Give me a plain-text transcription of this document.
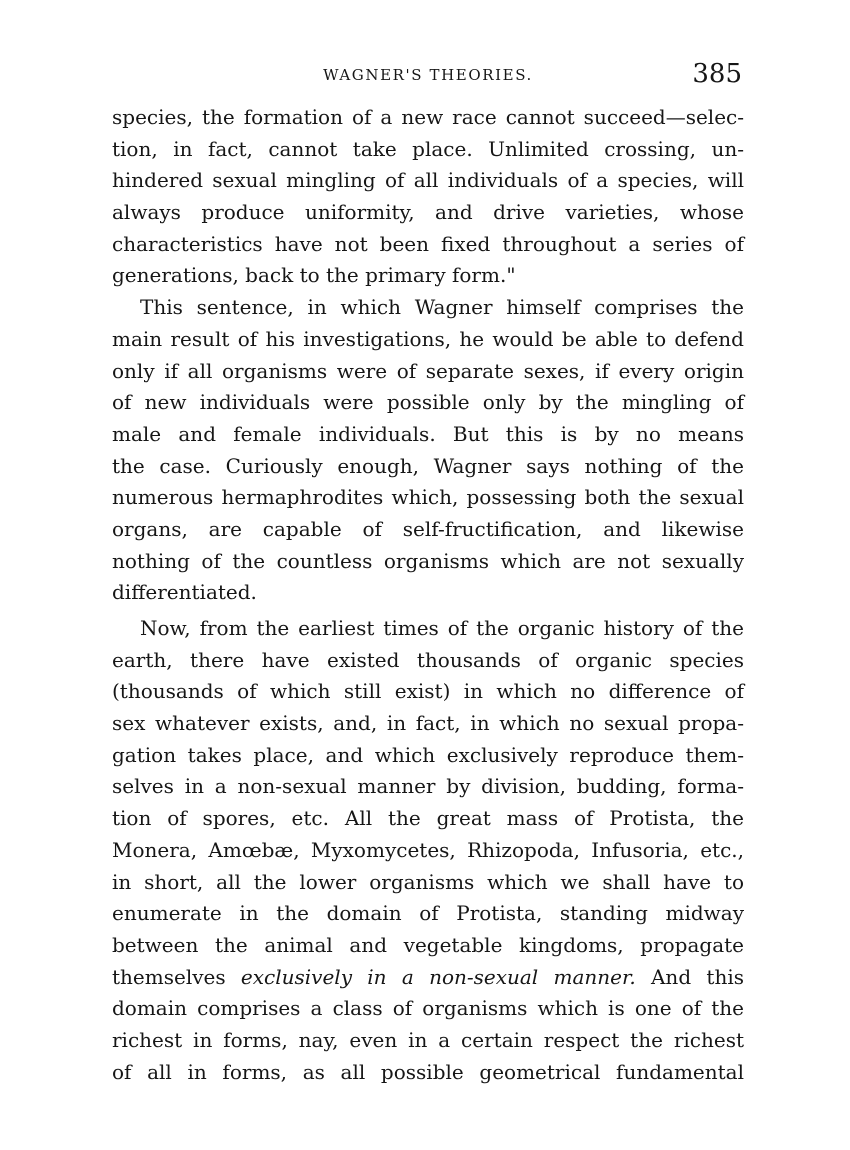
WAGNER'S THEORIES.	385
species, the formation of a new race cannot succeed—selec-
tion, in fact, cannot take place. Unlimited crossing, un-
hindered sexual mingling of all individuals of a species, will
always produce uniformity, and drive varieties, whose
characteristics have not been fixed throughout a series of
generations, back to the primary form."
This sentence, in which Wagner himself comprises the
main result of his investigations, he would be able to defend
only if all organisms were of separate sexes, if every origin
of new individuals were possible only by the mingling of
male and female individuals. But this is by no means
the case. Curiously enough, Wagner says nothing of the
numerous hermaphrodites which, possessing both the sexual
organs, are capable of self-fructification, and likewise
nothing of the countless organisms which are not sexually
differentiated.
Now, from the earliest times of the organic history of the
earth, there have existed thousands of organic species
(thousands of which still exist) in which no difference of
sex whatever exists, and, in fact, in which no sexual propa-
gation takes place, and which exclusively reproduce them-
selves in a non-sexual manner by division, budding, forma-
tion of spores, etc. All the great mass of Protista, the
Monera, Amœbæ, Myxomycetes, Rhizopoda, Infusoria, etc.,
in short, all the lower organisms which we shall have to
enumerate in the domain of Protista, standing midway
between the animal and vegetable kingdoms, propagate
themselves exclusively in a non-sexual manner. And this
domain comprises a class of organisms which is one of the
richest in forms, nay, even in a certain respect the richest
of all in forms, as all possible geometrical fundamental
